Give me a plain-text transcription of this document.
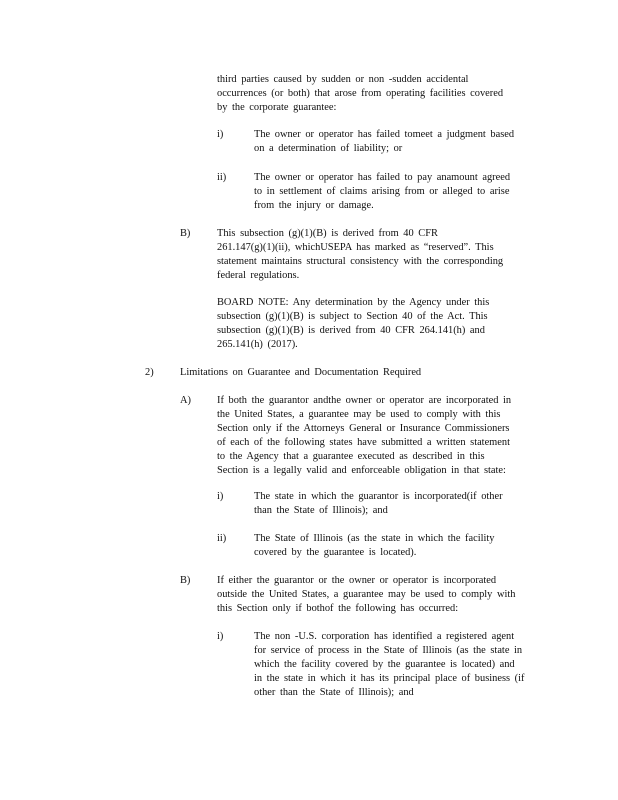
third parties caused by sudden or non -sudden accidental
occurrences (or both) that arose from operating facilities covered
by the corporate guarantee:
i)	The owner or operator has failed tomeet a judgment based
on a determination of liability; or
ii)	The owner or operator has failed to pay anamount agreed
to in settlement of claims arising from or alleged to arise
from the injury or damage.
B)	This subsection (g)(1)(B) is derived from 40 CFR
261.147(g)(1)(ii), whichUSEPA has marked as “reserved”. This
statement maintains structural consistency with the corresponding
federal regulations.
BOARD NOTE: Any determination by the Agency under this
subsection (g)(1)(B) is subject to Section 40 of the Act. This
subsection (g)(1)(B) is derived from 40 CFR 264.141(h) and
265.141(h) (2017).
2)	Limitations on Guarantee and Documentation Required
A)	If both the guarantor andthe owner or operator are incorporated in
the United States, a guarantee may be used to comply with this
Section only if the Attorneys General or Insurance Commissioners
of each of the following states have submitted a written statement
to the Agency that a guarantee executed as described in this
Section is a legally valid and enforceable obligation in that state:
i)	The state in which the guarantor is incorporated(if other
than the State of Illinois); and
ii)	The State of Illinois (as the state in which the facility
covered by the guarantee is located).
B)	If either the guarantor or the owner or operator is incorporated
outside the United States, a guarantee may be used to comply with
this Section only if bothof the following has occurred:
i)	The non -U.S. corporation has identified a registered agent
for service of process in the State of Illinois (as the state in
which the facility covered by the guarantee is located) and
in the state in which it has its principal place of business (if
other than the State of Illinois); and
